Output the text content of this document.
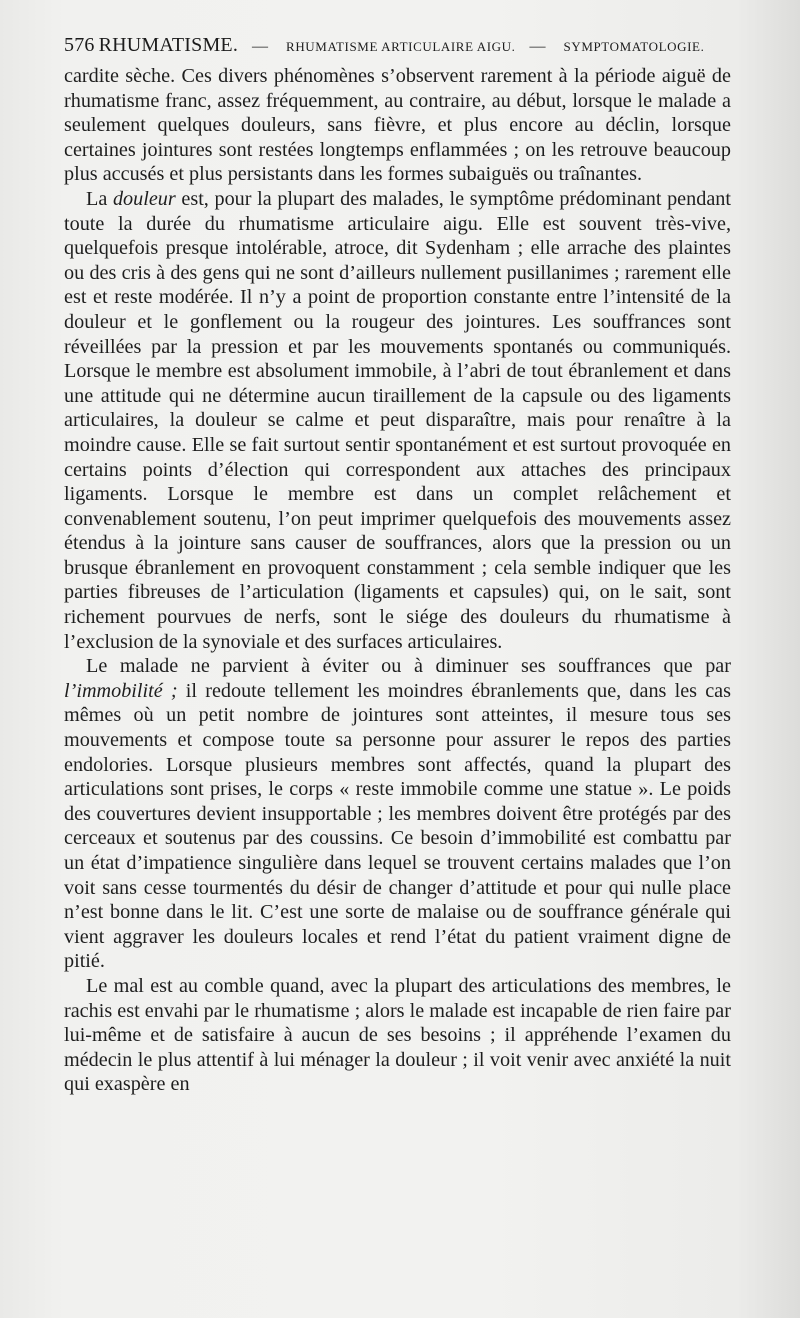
576 RHUMATISME. — RHUMATISME ARTICULAIRE AIGU. — SYMPTOMATOLOGIE.

cardite sèche. Ces divers phénomènes s’observent rarement à la période aiguë de rhumatisme franc, assez fréquemment, au contraire, au début, lorsque le malade a seulement quelques douleurs, sans fièvre, et plus encore au déclin, lorsque certaines jointures sont restées longtemps enflammées ; on les retrouve beaucoup plus accusés et plus persistants dans les formes subaiguës ou traînantes.

La douleur est, pour la plupart des malades, le symptôme prédominant pendant toute la durée du rhumatisme articulaire aigu. Elle est souvent très-vive, quelquefois presque intolérable, atroce, dit Sydenham ; elle arrache des plaintes ou des cris à des gens qui ne sont d’ailleurs nullement pusillanimes ; rarement elle est et reste modérée. Il n’y a point de proportion constante entre l’intensité de la douleur et le gonflement ou la rougeur des jointures. Les souffrances sont réveillées par la pression et par les mouvements spontanés ou communiqués. Lorsque le membre est absolument immobile, à l’abri de tout ébranlement et dans une attitude qui ne détermine aucun tiraillement de la capsule ou des ligaments articulaires, la douleur se calme et peut disparaître, mais pour renaître à la moindre cause. Elle se fait surtout sentir spontanément et est surtout provoquée en certains points d’élection qui correspondent aux attaches des principaux ligaments. Lorsque le membre est dans un complet relâchement et convenablement soutenu, l’on peut imprimer quelquefois des mouvements assez étendus à la jointure sans causer de souffrances, alors que la pression ou un brusque ébranlement en provoquent constamment ; cela semble indiquer que les parties fibreuses de l’articulation (ligaments et capsules) qui, on le sait, sont richement pourvues de nerfs, sont le siége des douleurs du rhumatisme à l’exclusion de la synoviale et des surfaces articulaires.

Le malade ne parvient à éviter ou à diminuer ses souffrances que par l’immobilité ; il redoute tellement les moindres ébranlements que, dans les cas mêmes où un petit nombre de jointures sont atteintes, il mesure tous ses mouvements et compose toute sa personne pour assurer le repos des parties endolories. Lorsque plusieurs membres sont affectés, quand la plupart des articulations sont prises, le corps « reste immobile comme une statue ». Le poids des couvertures devient insupportable ; les membres doivent être protégés par des cerceaux et soutenus par des coussins. Ce besoin d’immobilité est combattu par un état d’impatience singulière dans lequel se trouvent certains malades que l’on voit sans cesse tourmentés du désir de changer d’attitude et pour qui nulle place n’est bonne dans le lit. C’est une sorte de malaise ou de souffrance générale qui vient aggraver les douleurs locales et rend l’état du patient vraiment digne de pitié.

Le mal est au comble quand, avec la plupart des articulations des membres, le rachis est envahi par le rhumatisme ; alors le malade est incapable de rien faire par lui-même et de satisfaire à aucun de ses besoins ; il appréhende l’examen du médecin le plus attentif à lui ménager la douleur ; il voit venir avec anxiété la nuit qui exaspère en
